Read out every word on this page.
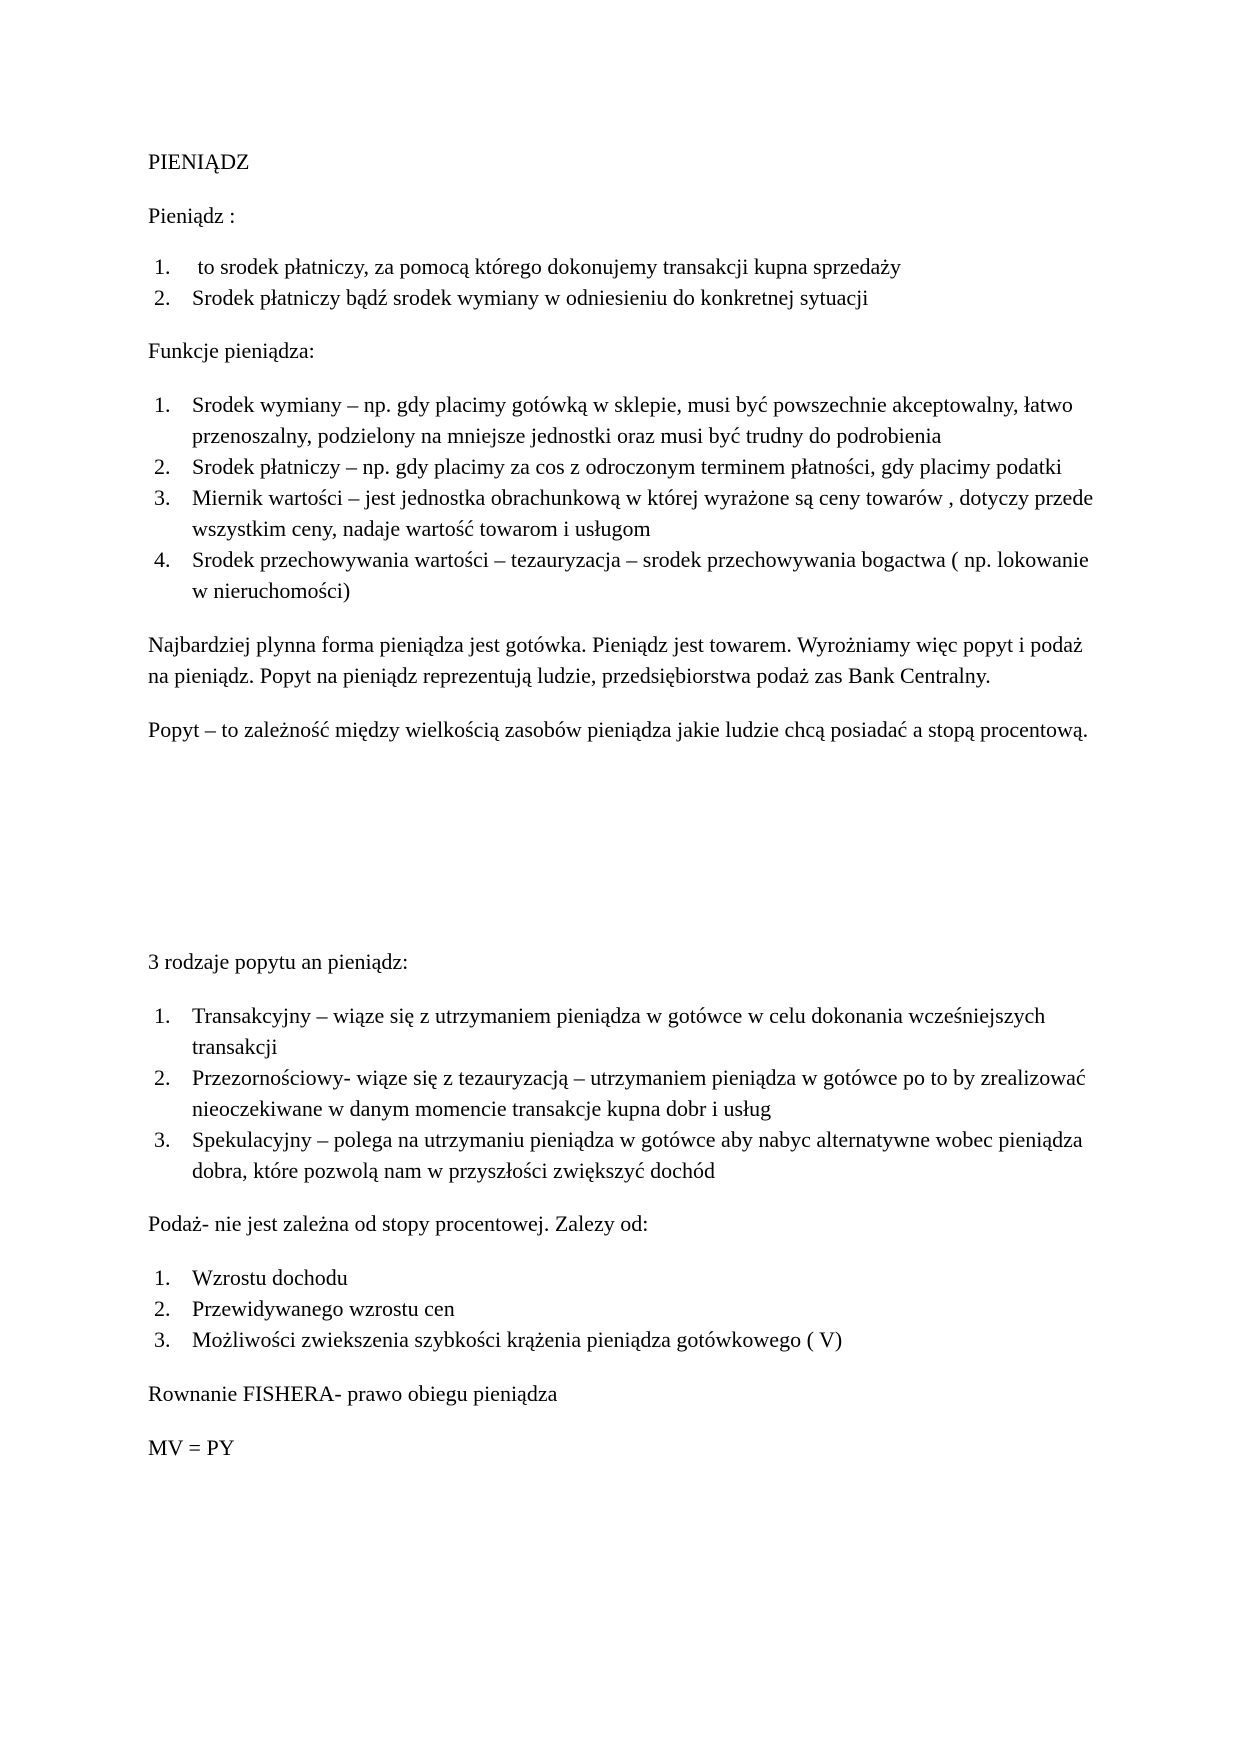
PIENIĄDZ

Pieniądz :

1. to srodek płatniczy, za pomocą którego dokonujemy transakcji kupna sprzedaży
2. Srodek płatniczy bądź srodek wymiany w odniesieniu do konkretnej sytuacji

Funkcje pieniądza:

1. Srodek wymiany – np. gdy placimy gotówką w sklepie, musi być powszechnie akceptowalny, łatwo przenoszalny, podzielony na mniejsze jednostki oraz musi być trudny do podrobienia
2. Srodek płatniczy – np. gdy placimy za cos z odroczonym terminem płatności, gdy placimy podatki
3. Miernik wartości – jest jednostka obrachunkową w której wyrażone są ceny towarów , dotyczy przede wszystkim ceny, nadaje wartość towarom i usługom
4. Srodek przechowywania wartości – tezauryzacja – srodek przechowywania bogactwa ( np. lokowanie w nieruchomości)

Najbardziej plynna forma pieniądza jest gotówka. Pieniądz jest towarem. Wyrożniamy więc popyt i podaż na pieniądz. Popyt na pieniądz reprezentują ludzie, przedsiębiorstwa podaż zas Bank Centralny.

Popyt – to zależność między wielkością zasobów pieniądza jakie ludzie chcą posiadać a stopą procentową.

3 rodzaje popytu an pieniądz:

1. Transakcyjny – wiąze się z utrzymaniem pieniądza w gotówce w celu dokonania wcześniejszych transakcji
2. Przezornościowy- wiąze się z tezauryzacją – utrzymaniem pieniądza w gotówce po to by zrealizować nieoczekiwane w danym momencie transakcje kupna dobr i usług
3. Spekulacyjny – polega na utrzymaniu pieniądza w gotówce aby nabyc alternatywne wobec pieniądza dobra, które pozwolą nam w przyszłości zwiększyć dochód

Podaż- nie jest zależna od stopy procentowej. Zalezy od:

1. Wzrostu dochodu
2. Przewidywanego wzrostu cen
3. Możliwości zwiekszenia szybkości krążenia pieniądza gotówkowego ( V)

Rownanie FISHERA- prawo obiegu pieniądza

MV = PY
